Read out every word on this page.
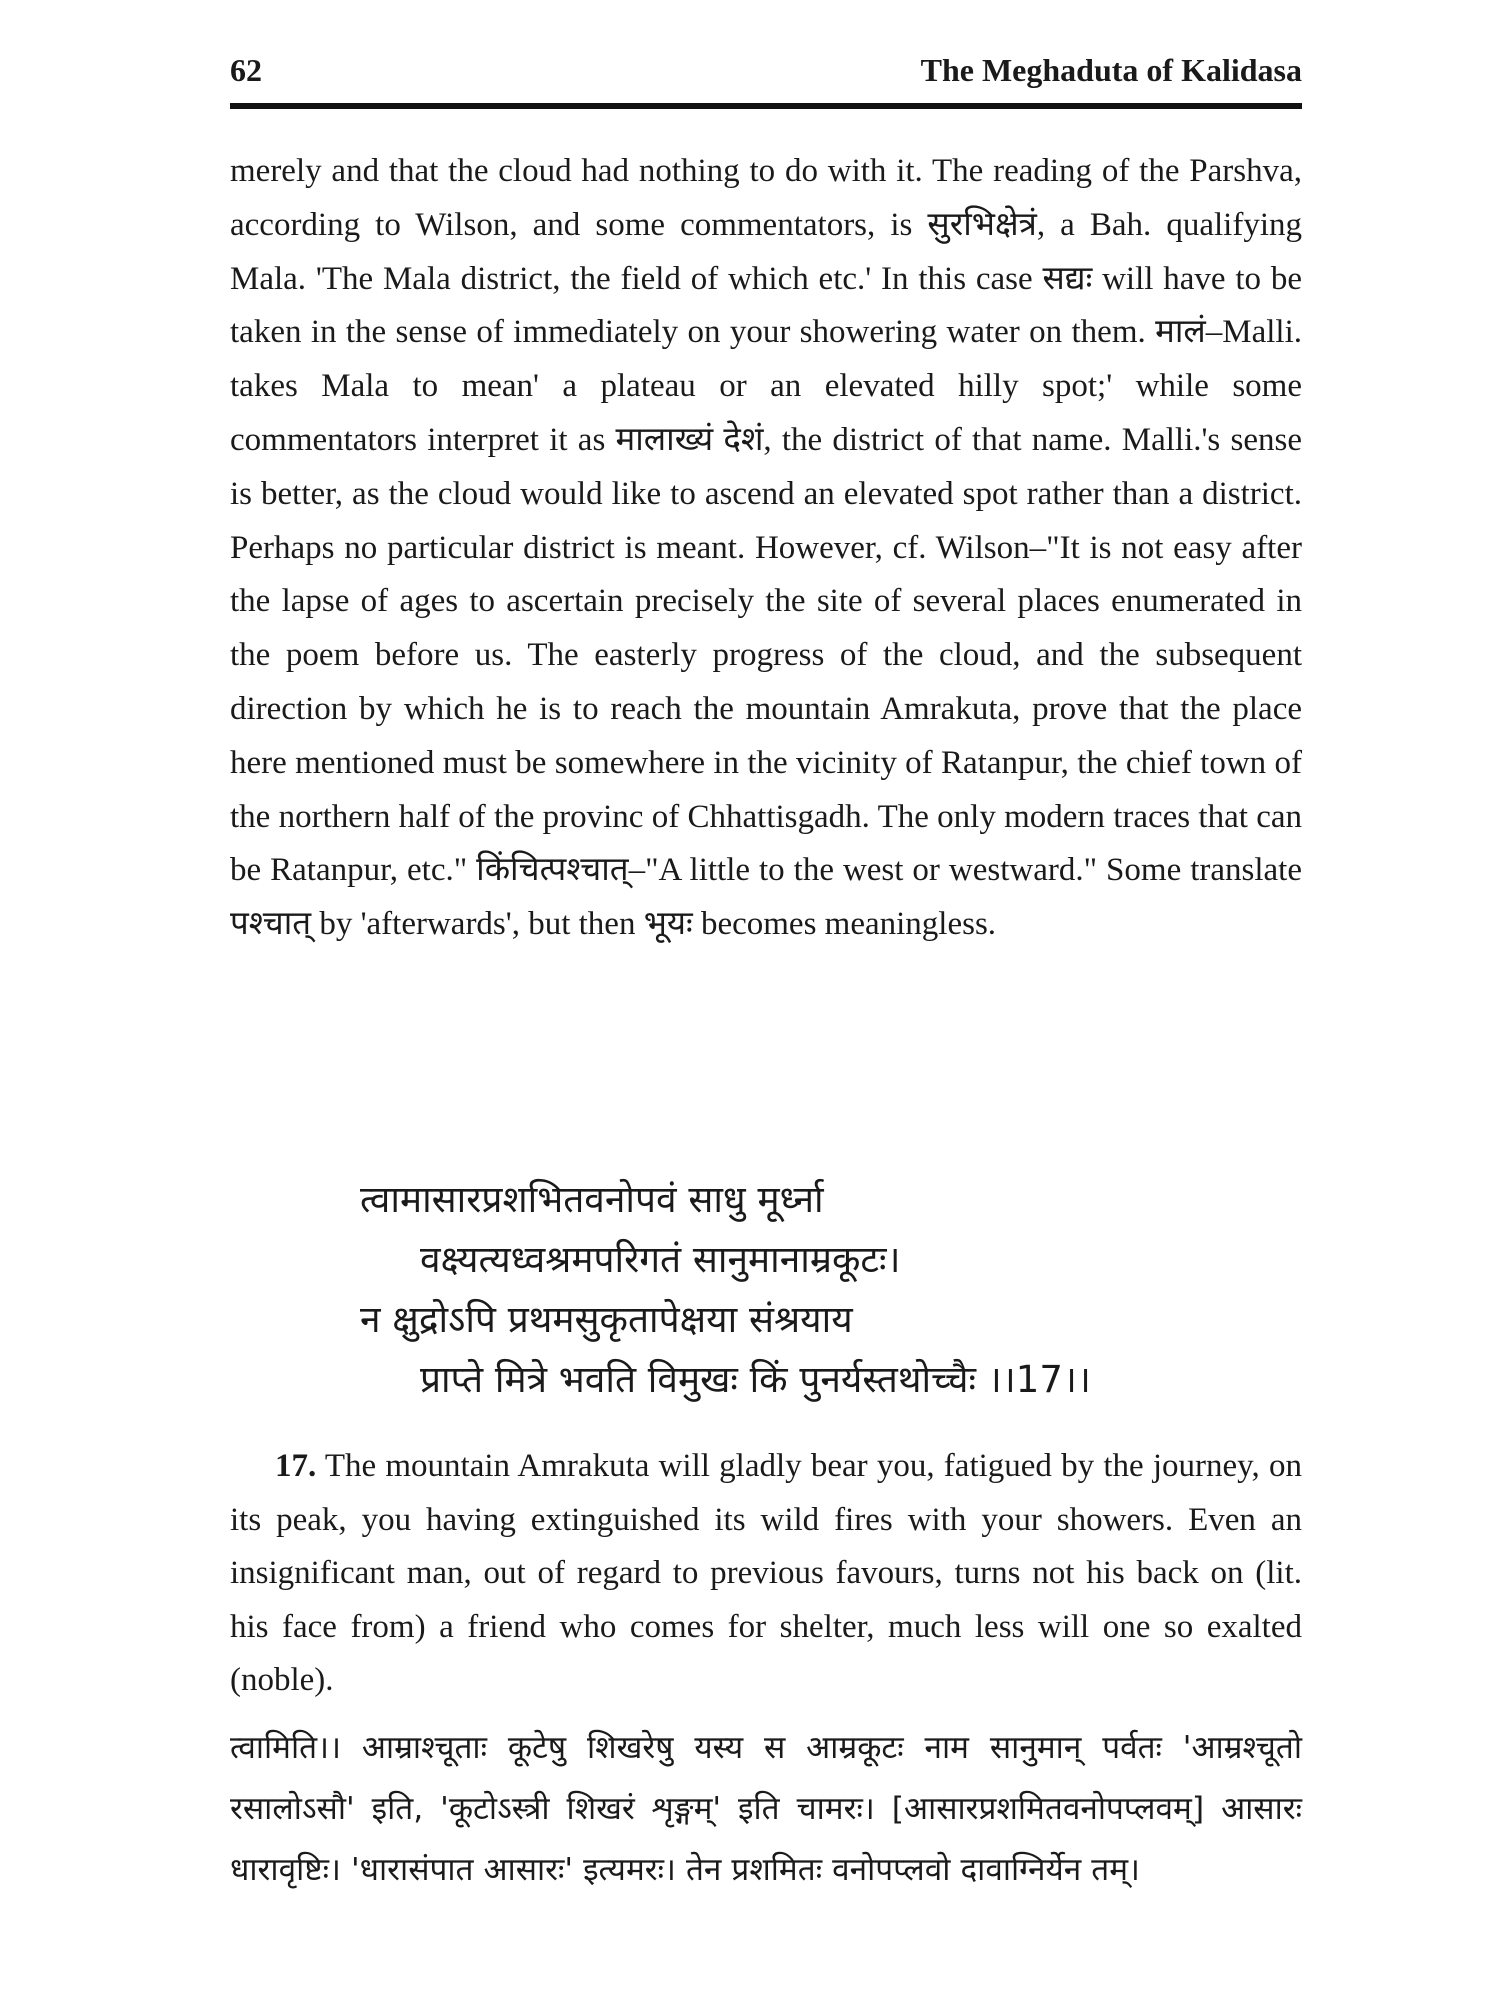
62	The Meghaduta of Kalidasa

merely and that the cloud had nothing to do with it. The reading of the Parshva, according to Wilson, and some commentators, is सुरभिक्षेत्रं, a Bah. qualifying Mala. 'The Mala district, the field of which etc.' In this case सद्यः will have to be taken in the sense of immediately on your showering water on them. मालं–Malli. takes Mala to mean' a plateau or an elevated hilly spot;' while some commentators interpret it as मालाख्यं देशं, the district of that name. Malli.'s sense is better, as the cloud would like to ascend an elevated spot rather than a district. Perhaps no particular district is meant. However, cf. Wilson–"It is not easy after the lapse of ages to ascertain precisely the site of several places enumerated in the poem before us. The easterly progress of the cloud, and the subsequent direction by which he is to reach the mountain Amrakuta, prove that the place here mentioned must be somewhere in the vicinity of Ratanpur, the chief town of the northern half of the provinc of Chhattisgadh. The only modern traces that can be Ratanpur, etc." किंचित्पश्चात्–"A little to the west or westward." Some translate पश्चात् by 'afterwards', but then भूयः becomes meaningless.

त्वामासारप्रशभितवनोपवं साधु मूर्ध्ना
वक्ष्यत्यध्वश्रमपरिगतं सानुमानाम्रकूटः।
न क्षुद्रोऽपि प्रथमसुकृतापेक्षया संश्रयाय
प्राप्ते मित्रे भवति विमुखः किं पुनर्यस्तथोच्चैः ।।17।।

17. The mountain Amrakuta will gladly bear you, fatigued by the journey, on its peak, you having extinguished its wild fires with your showers. Even an insignificant man, out of regard to previous favours, turns not his back on (lit. his face from) a friend who comes for shelter, much less will one so exalted (noble).

त्वामिति।। आम्राश्चूताः कूटेषु शिखरेषु यस्य स आम्रकूटः नाम सानुमान् पर्वतः 'आम्रश्चूतो रसालोऽसौ' इति, 'कूटोऽस्त्री शिखरं शृङ्गम्' इति चामरः। [आसारप्रशमितवनोपप्लवम्] आसारः धारावृष्टिः। 'धारासंपात आसारः' इत्यमरः। तेन प्रशमितः वनोपप्लवो दावाग्निर्येन तम्।
